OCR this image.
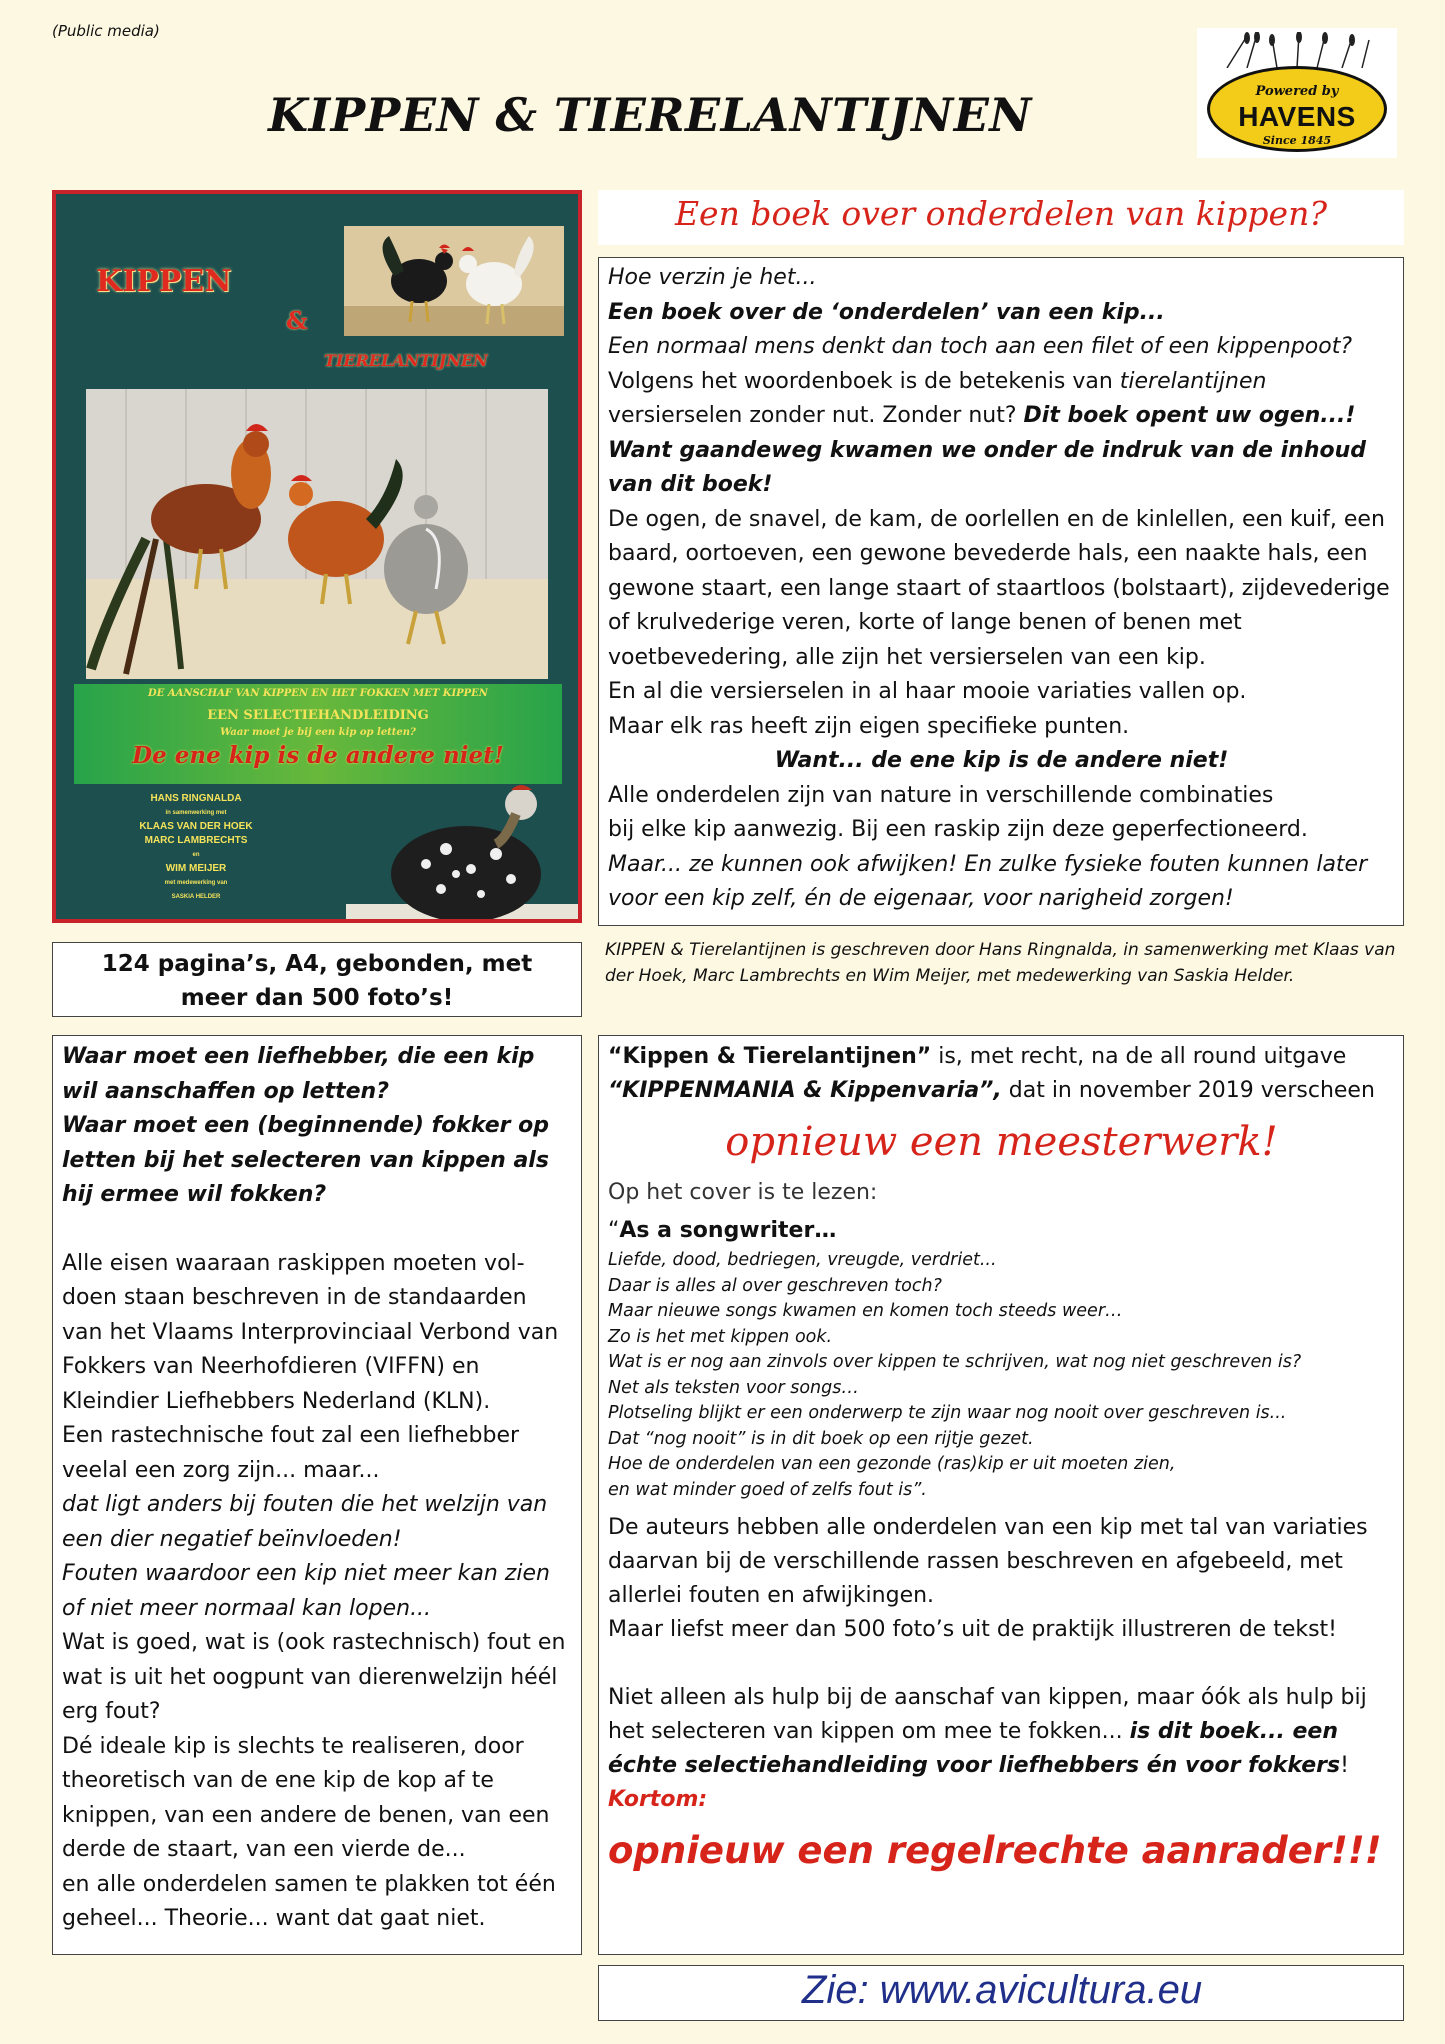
(Public media)
KIPPEN & TIERELANTIJNEN	Powered by
HAVENS
Since 1845
KIPPEN
&
TIERELANTIJNEN
DE AANSCHAF VAN KIPPEN EN HET FOKKEN MET KIPPEN
EEN SELECTIEHANDLEIDING
Waar moet je bij een kip op letten?
De ene kip is de andere niet!
HANS RINGNALDA
in samenwerking met
KLAAS VAN DER HOEK
MARC LAMBRECHTS
en
WIM MEIJER
met medewerking van
SASKIA HELDER
124 pagina’s, A4, gebonden, met
meer dan 500 foto’s!
Een boek over onderdelen van kippen?
Hoe verzin je het...
Een boek over de ‘onderdelen’ van een kip...
Een normaal mens denkt dan toch aan een filet of een kippenpoot?
Volgens het woordenboek is de betekenis van tierelantijnen
versierselen zonder nut. Zonder nut? Dit boek opent uw ogen...!
Want gaandeweg kwamen we onder de indruk van de inhoud van dit boek!
De ogen, de snavel, de kam, de oorlellen en de kinlellen, een kuif, een baard, oortoeven, een gewone bevederde hals, een naakte hals, een gewone staart, een lange staart of staartloos (bolstaart), zijdevederige of krulvederige veren, korte of lange benen of benen met voetbevedering, alle zijn het versierselen van een kip.
En al die versierselen in al haar mooie variaties vallen op.
Maar elk ras heeft zijn eigen specifieke punten.
Want... de ene kip is de andere niet!
Alle onderdelen zijn van nature in verschillende combinaties
bij elke kip aanwezig. Bij een raskip zijn deze geperfectioneerd.
Maar... ze kunnen ook afwijken! En zulke fysieke fouten kunnen later voor een kip zelf, én de eigenaar, voor narigheid zorgen!
KIPPEN & Tierelantijnen is geschreven door Hans Ringnalda, in samenwerking met Klaas van der Hoek, Marc Lambrechts en Wim Meijer, met medewerking van Saskia Helder.
Waar moet een liefhebber, die een kip wil aanschaffen op letten?
Waar moet een (beginnende) fokker op letten bij het selecteren van kippen als hij ermee wil fokken?
Alle eisen waaraan raskippen moeten vol-doen staan beschreven in de standaarden van het Vlaams Interprovinciaal Verbond van Fokkers van Neerhofdieren (VIFFN) en Kleindier Liefhebbers Nederland (KLN).
Een rastechnische fout zal een liefhebber veelal een zorg zijn... maar...
dat ligt anders bij fouten die het welzijn van een dier negatief beïnvloeden!
Fouten waardoor een kip niet meer kan zien of niet meer normaal kan lopen...
Wat is goed, wat is (ook rastechnisch) fout en wat is uit het oogpunt van dierenwelzijn héél erg fout?
Dé ideale kip is slechts te realiseren, door theoretisch van de ene kip de kop af te knippen, van een andere de benen, van een derde de staart, van een vierde de...
en alle onderdelen samen te plakken tot één geheel... Theorie... want dat gaat niet.
“Kippen & Tierelantijnen” is, met recht, na de all round uitgave
“KIPPENMANIA & Kippenvaria”, dat in november 2019 verscheen
opnieuw een meesterwerk!
Op het cover is te lezen:
“As a songwriter…
Liefde, dood, bedriegen, vreugde, verdriet...
Daar is alles al over geschreven toch?
Maar nieuwe songs kwamen en komen toch steeds weer…
Zo is het met kippen ook.
Wat is er nog aan zinvols over kippen te schrijven, wat nog niet geschreven is?
Net als teksten voor songs…
Plotseling blijkt er een onderwerp te zijn waar nog nooit over geschreven is...
Dat “nog nooit” is in dit boek op een rijtje gezet.
Hoe de onderdelen van een gezonde (ras)kip er uit moeten zien,
en wat minder goed of zelfs fout is”.
De auteurs hebben alle onderdelen van een kip met tal van variaties daarvan bij de verschillende rassen beschreven en afgebeeld, met allerlei fouten en afwijkingen.
Maar liefst meer dan 500 foto’s uit de praktijk illustreren de tekst!
Niet alleen als hulp bij de aanschaf van kippen, maar óók als hulp bij het selecteren van kippen om mee te fokken... is dit boek... een échte selectiehandleiding voor liefhebbers én voor fokkers!
Kortom:
opnieuw een regelrechte aanrader!!!
Zie: www.avicultura.eu
